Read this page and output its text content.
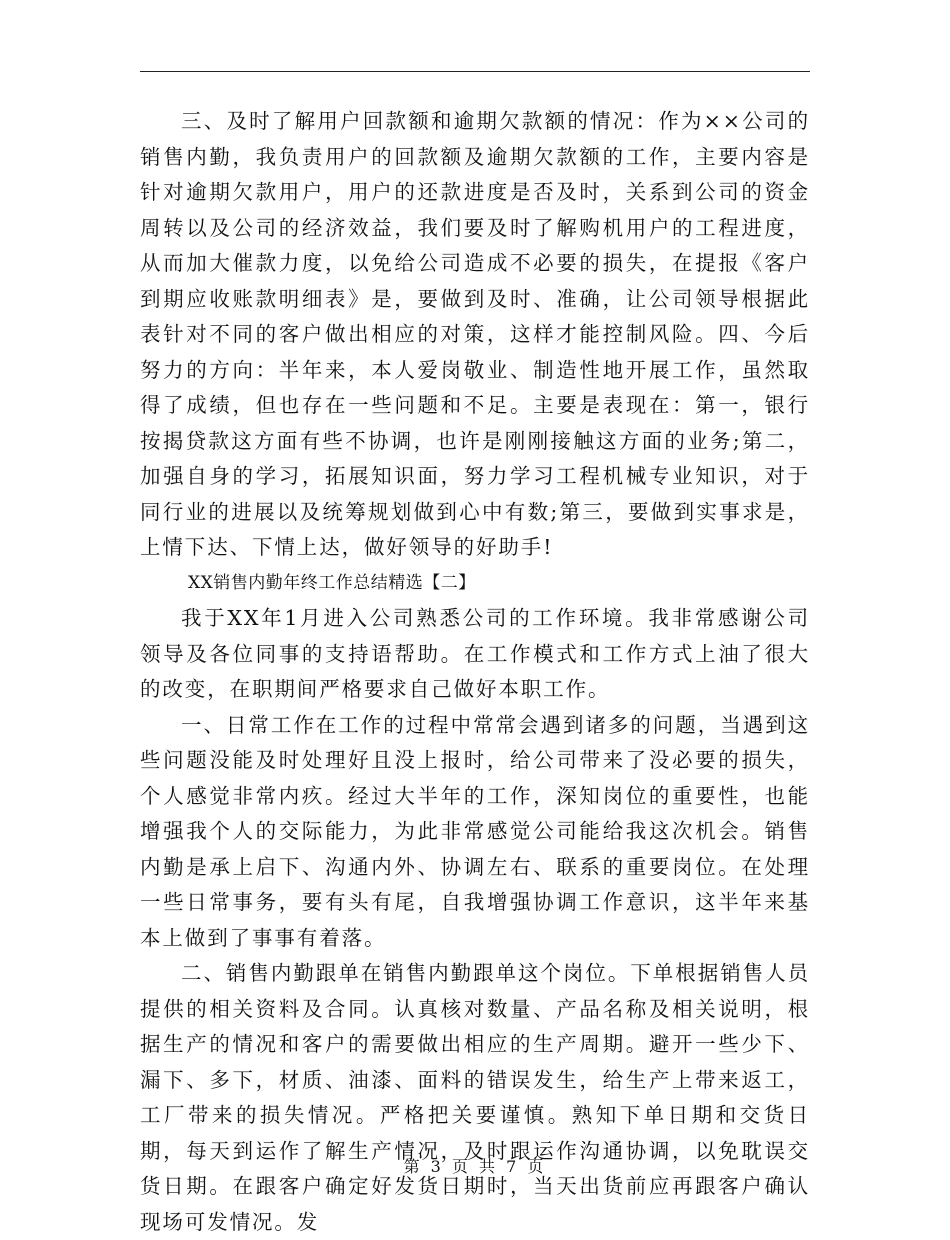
三、及时了解用户回款额和逾期欠款额的情况：作为××公司的销售内勤，我负责用户的回款额及逾期欠款额的工作，主要内容是针对逾期欠款用户，用户的还款进度是否及时，关系到公司的资金周转以及公司的经济效益，我们要及时了解购机用户的工程进度，从而加大催款力度，以免给公司造成不必要的损失，在提报《客户到期应收账款明细表》是，要做到及时、准确，让公司领导根据此表针对不同的客户做出相应的对策，这样才能控制风险。四、今后努力的方向：半年来，本人爱岗敬业、制造性地开展工作，虽然取得了成绩，但也存在一些问题和不足。主要是表现在：第一，银行按揭贷款这方面有些不协调，也许是刚刚接触这方面的业务;第二，加强自身的学习，拓展知识面，努力学习工程机械专业知识，对于同行业的进展以及统筹规划做到心中有数;第三，要做到实事求是，上情下达、下情上达，做好领导的好助手!

XX销售内勤年终工作总结精选【二】

我于XX年1月进入公司熟悉公司的工作环境。我非常感谢公司领导及各位同事的支持语帮助。在工作模式和工作方式上油了很大的改变，在职期间严格要求自己做好本职工作。

一、日常工作在工作的过程中常常会遇到诸多的问题，当遇到这些问题没能及时处理好且没上报时，给公司带来了没必要的损失，个人感觉非常内疚。经过大半年的工作，深知岗位的重要性，也能增强我个人的交际能力，为此非常感觉公司能给我这次机会。销售内勤是承上启下、沟通内外、协调左右、联系的重要岗位。在处理一些日常事务，要有头有尾，自我增强协调工作意识，这半年来基本上做到了事事有着落。

二、销售内勤跟单在销售内勤跟单这个岗位。下单根据销售人员提供的相关资料及合同。认真核对数量、产品名称及相关说明，根据生产的情况和客户的需要做出相应的生产周期。避开一些少下、漏下、多下，材质、油漆、面料的错误发生，给生产上带来返工，工厂带来的损失情况。严格把关要谨慎。熟知下单日期和交货日期，每天到运作了解生产情况，及时跟运作沟通协调，以免耽误交货日期。在跟客户确定好发货日期时，当天出货前应再跟客户确认现场可发情况。发

第 3 页 共 7 页
